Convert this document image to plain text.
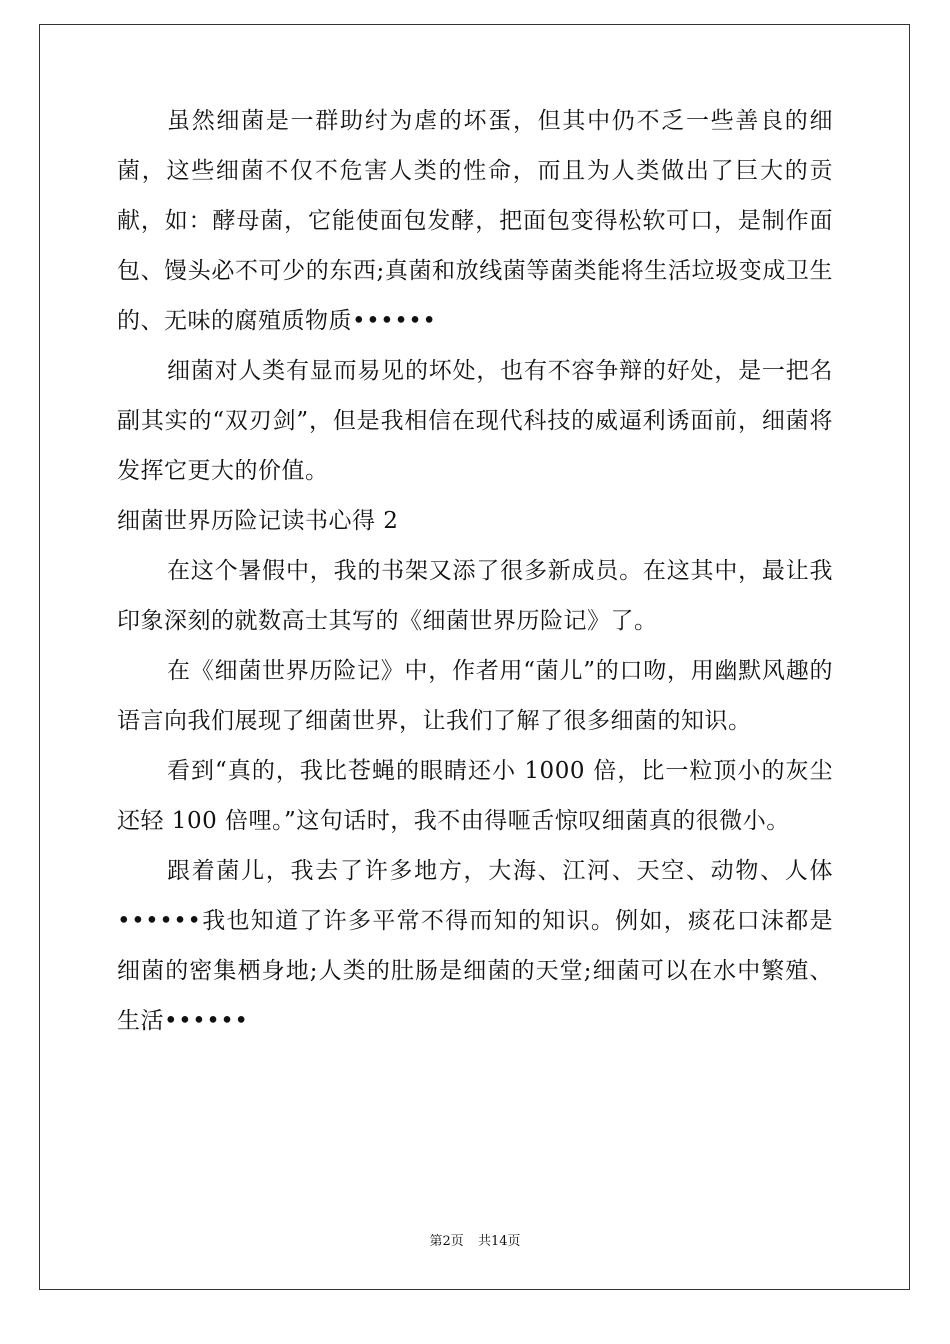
虽然细菌是一群助纣为虐的坏蛋，但其中仍不乏一些善良的细菌，这些细菌不仅不危害人类的性命，而且为人类做出了巨大的贡献，如：酵母菌，它能使面包发酵，把面包变得松软可口，是制作面包、馒头必不可少的东西;真菌和放线菌等菌类能将生活垃圾变成卫生的、无味的腐殖质物质••••••

细菌对人类有显而易见的坏处，也有不容争辩的好处，是一把名副其实的“双刃剑”，但是我相信在现代科技的威逼利诱面前，细菌将发挥它更大的价值。

细菌世界历险记读书心得 2

在这个暑假中，我的书架又添了很多新成员。在这其中，最让我印象深刻的就数高士其写的《细菌世界历险记》了。

在《细菌世界历险记》中，作者用“菌儿”的口吻，用幽默风趣的语言向我们展现了细菌世界，让我们了解了很多细菌的知识。

看到“真的，我比苍蝇的眼睛还小 1000 倍，比一粒顶小的灰尘还轻 100 倍哩。”这句话时，我不由得咂舌惊叹细菌真的很微小。

跟着菌儿，我去了许多地方，大海、江河、天空、动物、人体••••••我也知道了许多平常不得而知的知识。例如，痰花口沫都是细菌的密集栖身地;人类的肚肠是细菌的天堂;细菌可以在水中繁殖、生活••••••

第2页 共14页
